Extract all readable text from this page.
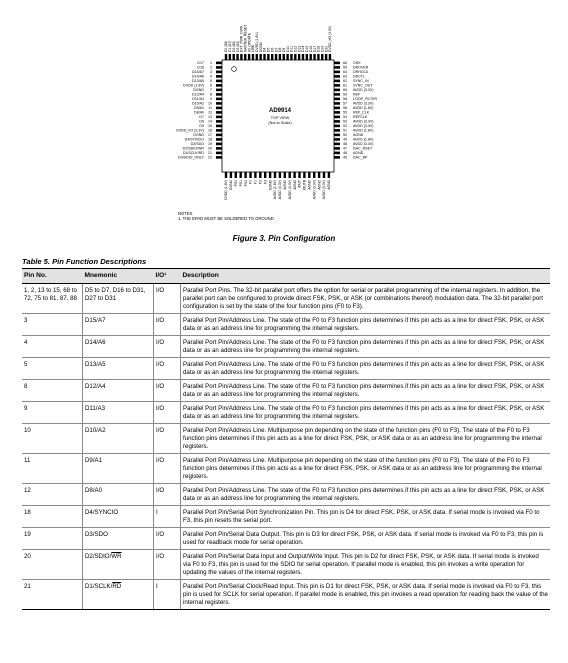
D0 (88) D1 (87) D2 (86) D3 (85) EXT_PWR_DWN MASTER_RESET IO_UPDATE OSK DVDD (1.8V) DGND D4 D5 D6 D7 D8 D9 D10 D11 D12 D13 D14 D15 D16 D17 D18 D19 D20 DVDD_I/O (3.3V)
1
D17
2
D16
3
D15/A7
4
D14/A6
5
D13/A5
6
DVDD (1.8V)
7
DGND
8
D12/A4
9
D11/A3
10
D10/A2
11
D9/A1
12
D8/A0
13
D7
14
D6
15
D5
16
DVDD_I/O (3.3V)
17
DGND
18
D4/SYNCIO
19
D3/SDO
20
D2/SDIO/WR
21
D1/SCLK/RD
22
D0/SDIO_ONLY
66 OSK
65 DROVER
64 DRHOLD
63 DRCTL
62 SYNC_IN
61 SYNC_OUT
60 AVDD (3.3V)
59 REF
58 LOOP_FILTER
57 AVDD (3.3V)
56 AVDD (1.8V)
55 REF_CLK
54 REFCLK
53 AVDD (3.3V)
52 AVDD (3.3V)
51 AVDD (1.8V)
50 AGND
49 AVDD (1.8V)
48 AVDD (3.3V)
47 DAC_RSET
46 AGND
45 DAC_BP
DVDD (1.8V) DGND PS0 PS1 PS2 F0 F1 F2 F3 DGND AVDD (1.8V) AVDD (3.3V) AGND AVDD (3.3V) AGND IOUT IOUTB AGND AVDD (3.3V) AGND AVDD (3.3V) AGND
AD9914
TOP VIEW
(Not to Scale)
NOTES
1. THE EPAD MUST BE SOLDERED TO GROUND.
Figure 3. Pin Configuration
Table 5. Pin Function Descriptions
Pin No.	Mnemonic	I/O¹	Description
1, 2, 13 to 15, 68 to 72, 75 to 81, 87, 88	D5 to D7, D16 to D31, D27 to D31	I/O	Parallel Port Pins. The 32-bit parallel port offers the option for serial or parallel programming of the internal registers. In addition, the parallel port can be configured to provide direct FSK, PSK, or ASK (or combinations thereof) modulation data. The 32-bit parallel port configuration is set by the state of the four function pins (F0 to F3).
3	D15/A7	I/O	Parallel Port Pin/Address Line. The state of the F0 to F3 function pins determines if this pin acts as a line for direct FSK, PSK, or ASK data or as an address line for programming the internal registers.
4	D14/A6	I/O	Parallel Port Pin/Address Line. The state of the F0 to F3 function pins determines if this pin acts as a line for direct FSK, PSK, or ASK data or as an address line for programming the internal registers.
5	D13/A5	I/O	Parallel Port Pin/Address Line. The state of the F0 to F3 function pins determines if this pin acts as a line for direct FSK, PSK, or ASK data or as an address line for programming the internal registers.
8	D12/A4	I/O	Parallel Port Pin/Address Line. The state of the F0 to F3 function pins determines if this pin acts as a line for direct FSK, PSK, or ASK data or as an address line for programming the internal registers.
9	D11/A3	I/O	Parallel Port Pin/Address Line. The state of the F0 to F3 function pins determines if this pin acts as a line for direct FSK, PSK, or ASK data or as an address line for programming the internal registers.
10	D10/A2	I/O	Parallel Port Pin/Address Line. Multipurpose pin depending on the state of the function pins (F0 to F3). The state of the F0 to F3 function pins determines if this pin acts as a line for direct FSK, PSK, or ASK data or as an address line for programming the internal registers.
11	D9/A1	I/O	Parallel Port Pin/Address Line. Multipurpose pin depending on the state of the function pins (F0 to F3). The state of the F0 to F3 function pins determines if this pin acts as a line for direct FSK, PSK, or ASK data or as an address line for programming the internal registers.
12	D8/A0	I/O	Parallel Port Pin/Address Line. The state of the F0 to F3 function pins determines if this pin acts as a line for direct FSK, PSK, or ASK data or as an address line for programming the internal registers.
18	D4/SYNCIO	I	Parallel Port Pin/Serial Port Synchronization Pin. This pin is D4 for direct FSK, PSK, or ASK data. If serial mode is invoked via F0 to F3, this pin resets the serial port.
19	D3/SDO	I/O	Parallel Port Pin/Serial Data Output. This pin is D3 for direct FSK, PSK, or ASK data. If serial mode is invoked via F0 to F3, this pin is used for readback mode for serial operation.
20	$D2/SDIO/\overline{WR}$	I/O	Parallel Port Pin/Serial Data Input and Output/Write Input. This pin is D2 for direct FSK, PSK, or ASK data. If serial mode is invoked via F0 to F3, this pin is used for the SDIO for serial operation. If parallel mode is enabled, this pin invokes a write operation for updating the values of the internal registers.
21	$D1/SCLK/\overline{RD}$	I	Parallel Port Pin/Serial Clock/Read Input. This pin is D1 for direct FSK, PSK, or ASK data. If serial mode is invoked via F0 to F3, this pin is used for SCLK for serial operation. If parallel mode is enabled, this pin invokes a read operation for reading back the value of the internal registers.
